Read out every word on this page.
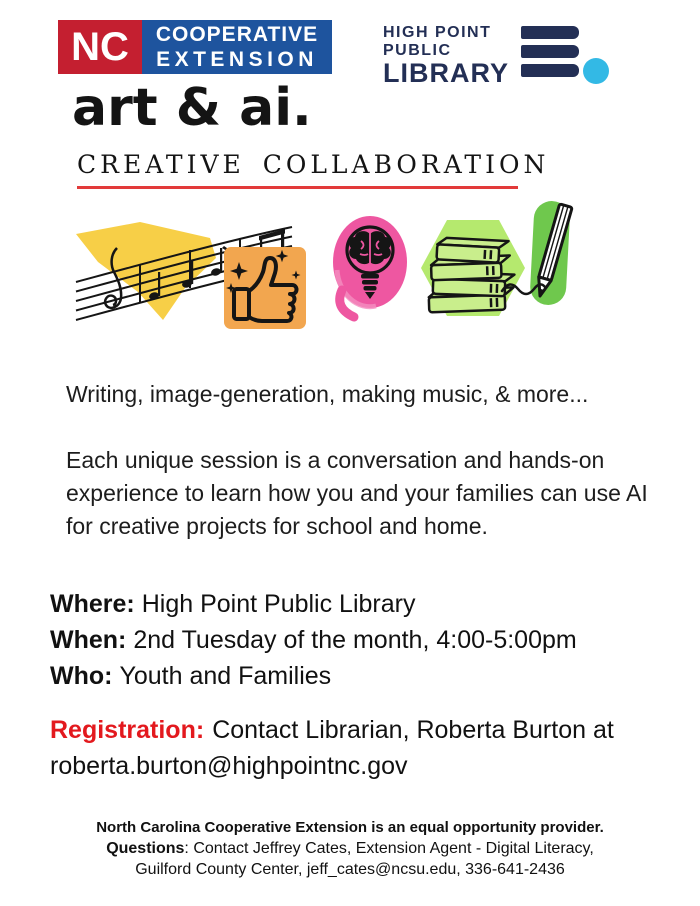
NC COOPERATIVE
EXTENSION
HIGH POINT
PUBLIC
LIBRARY
art & ai.
CREATIVE COLLABORATION

Writing, image-generation, making music, & more...

Each unique session is a conversation and hands-on experience to learn how you and your families can use AI for creative projects for school and home.

Where: High Point Public Library
When: 2nd Tuesday of the month, 4:00-5:00pm
Who: Youth and Families
Registration: Contact Librarian, Roberta Burton at
roberta.burton@highpointnc.gov
North Carolina Cooperative Extension is an equal opportunity provider.
Questions: Contact Jeffrey Cates, Extension Agent - Digital Literacy,
Guilford County Center, jeff_cates@ncsu.edu, 336-641-2436
